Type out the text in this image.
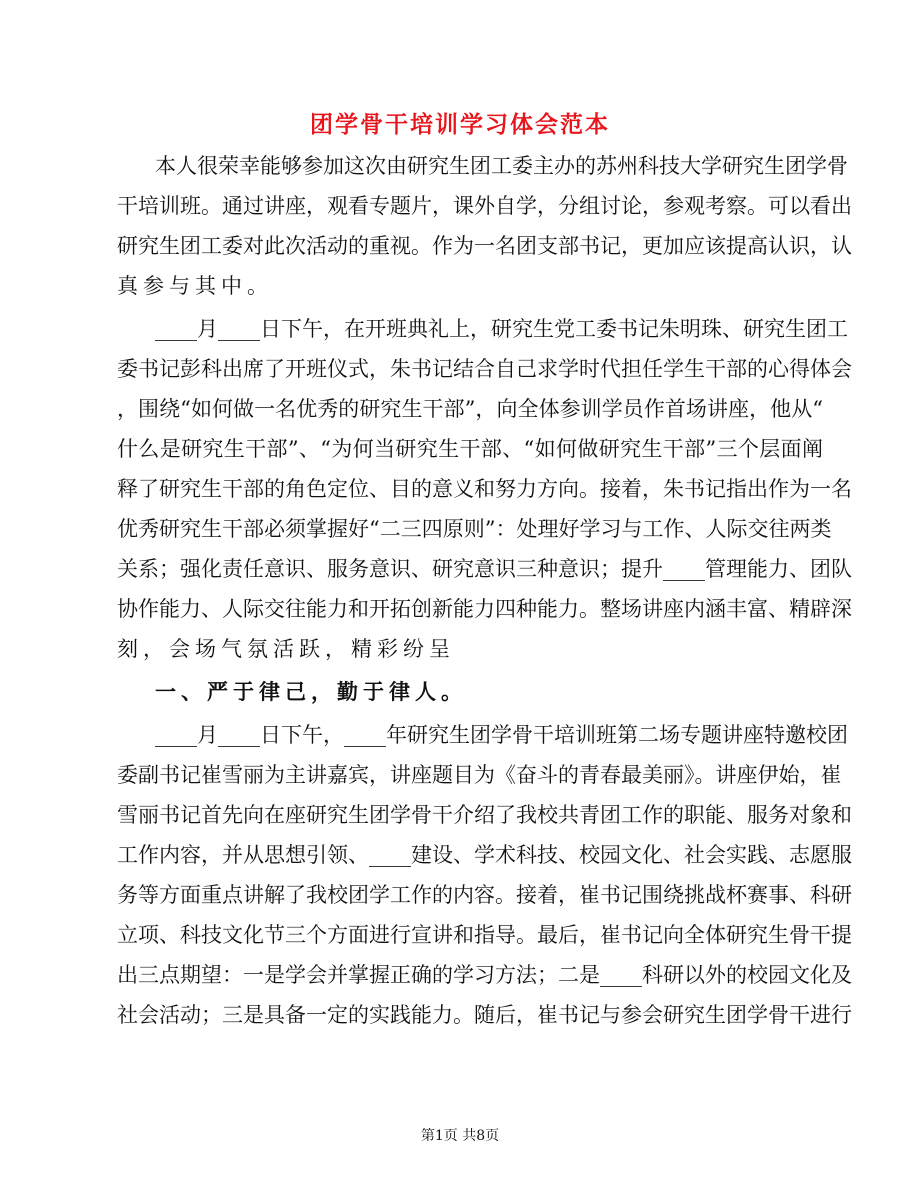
团学骨干培训学习体会范本
本人很荣幸能够参加这次由研究生团工委主办的苏州科技大学研究生团学骨
干培训班。通过讲座，观看专题片，课外自学，分组讨论，参观考察。可以看出
研究生团工委对此次活动的重视。作为一名团支部书记，更加应该提高认识，认
真参与其中。
____月____日下午，在开班典礼上，研究生党工委书记朱明珠、研究生团工
委书记彭科出席了开班仪式，朱书记结合自己求学时代担任学生干部的心得体会
，围绕“如何做一名优秀的研究生干部”，向全体参训学员作首场讲座，他从“
什么是研究生干部”、“为何当研究生干部、“如何做研究生干部”三个层面阐
释了研究生干部的角色定位、目的意义和努力方向。接着，朱书记指出作为一名
优秀研究生干部必须掌握好“二三四原则”：处理好学习与工作、人际交往两类
关系；强化责任意识、服务意识、研究意识三种意识；提升____管理能力、团队
协作能力、人际交往能力和开拓创新能力四种能力。整场讲座内涵丰富、精辟深
刻，会场气氛活跃，精彩纷呈
一、严于律己，勤于律人。
____月____日下午，____年研究生团学骨干培训班第二场专题讲座特邀校团
委副书记崔雪丽为主讲嘉宾，讲座题目为《奋斗的青春最美丽》。讲座伊始，崔
雪丽书记首先向在座研究生团学骨干介绍了我校共青团工作的职能、服务对象和
工作内容，并从思想引领、____建设、学术科技、校园文化、社会实践、志愿服
务等方面重点讲解了我校团学工作的内容。接着，崔书记围绕挑战杯赛事、科研
立项、科技文化节三个方面进行宣讲和指导。最后，崔书记向全体研究生骨干提
出三点期望：一是学会并掌握正确的学习方法；二是____科研以外的校园文化及
社会活动；三是具备一定的实践能力。随后，崔书记与参会研究生团学骨干进行
第1页 共8页
